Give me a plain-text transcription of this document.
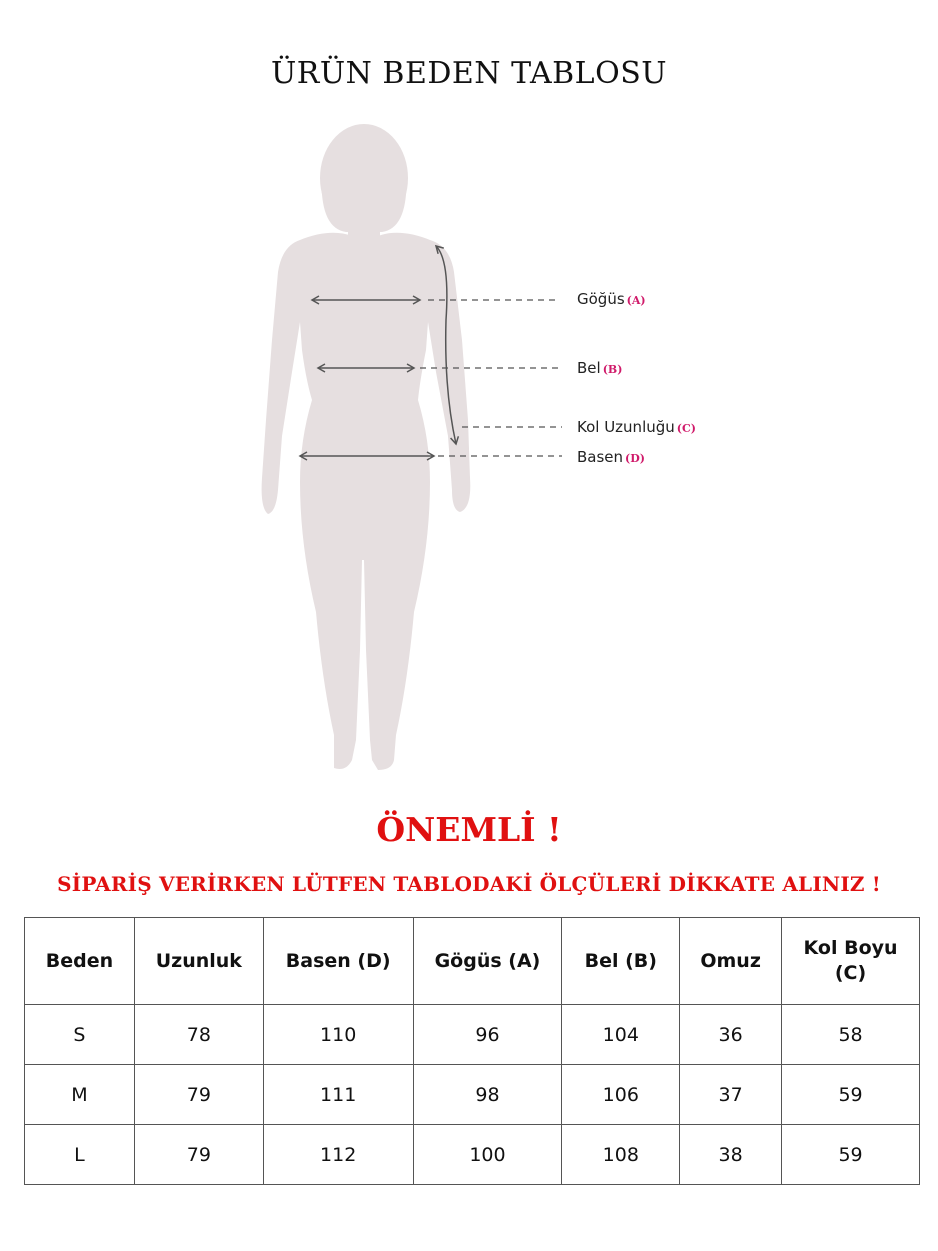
ÜRÜN BEDEN TABLOSU
Göğüs (A)
Bel (B)
Kol Uzunluğu (C)
Basen (D)
ÖNEMLİ !
SİPARİŞ VERİRKEN LÜTFEN TABLODAKİ ÖLÇÜLERİ DİKKATE ALINIZ !
Beden	Uzunluk	Basen (D)	Gögüs (A)	Bel (B)	Omuz	Kol Boyu (C)
S	78	110	96	104	36	58
M	79	111	98	106	37	59
L	79	112	100	108	38	59
